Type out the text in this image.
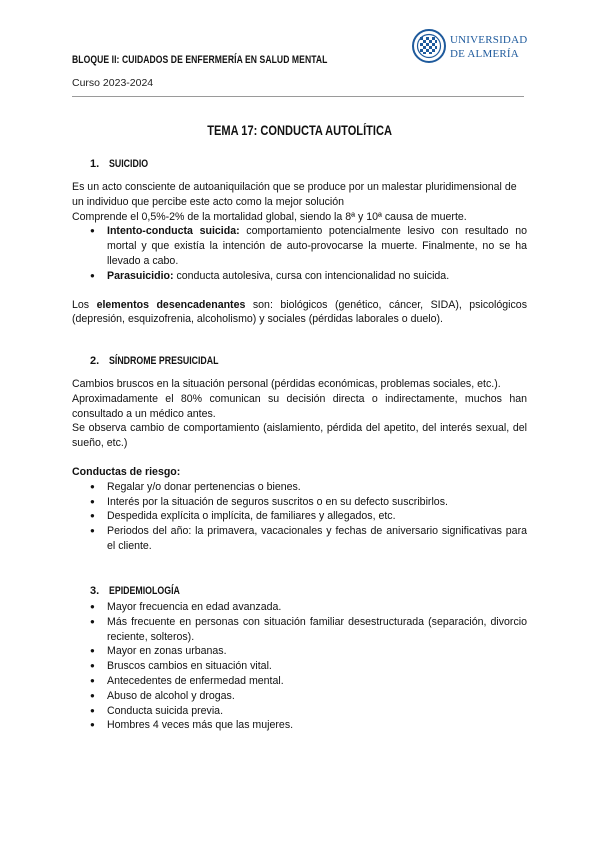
BLOQUE II: CUIDADOS DE ENFERMERÍA EN SALUD MENTAL
Curso 2023-2024
UNIVERSIDAD
DE ALMERÍA
TEMA 17: CONDUCTA AUTOLÍTICA
1. SUICIDIO
Es un acto consciente de autoaniquilación que se produce por un malestar pluridimensional de un individuo que percibe este acto como la mejor solución
Comprende el 0,5%-2% de la mortalidad global, siendo la 8ª y 10ª causa de muerte.
● Intento-conducta suicida: comportamiento potencialmente lesivo con resultado no mortal y que existía la intención de auto-provocarse la muerte. Finalmente, no se ha llevado a cabo.
● Parasuicidio: conducta autolesiva, cursa con intencionalidad no suicida.
Los elementos desencadenantes son: biológicos (genético, cáncer, SIDA), psicológicos (depresión, esquizofrenia, alcoholismo) y sociales (pérdidas laborales o duelo).
2. SÍNDROME PRESUICIDAL
Cambios bruscos en la situación personal (pérdidas económicas, problemas sociales, etc.).
Aproximadamente el 80% comunican su decisión directa o indirectamente, muchos han consultado a un médico antes.
Se observa cambio de comportamiento (aislamiento, pérdida del apetito, del interés sexual, del sueño, etc.)
Conductas de riesgo:
● Regalar y/o donar pertenencias o bienes.
● Interés por la situación de seguros suscritos o en su defecto suscribirlos.
● Despedida explícita o implícita, de familiares y allegados, etc.
● Periodos del año: la primavera, vacacionales y fechas de aniversario significativas para el cliente.
3. EPIDEMIOLOGÍA
● Mayor frecuencia en edad avanzada.
● Más frecuente en personas con situación familiar desestructurada (separación, divorcio reciente, solteros).
● Mayor en zonas urbanas.
● Bruscos cambios en situación vital.
● Antecedentes de enfermedad mental.
● Abuso de alcohol y drogas.
● Conducta suicida previa.
● Hombres 4 veces más que las mujeres.
